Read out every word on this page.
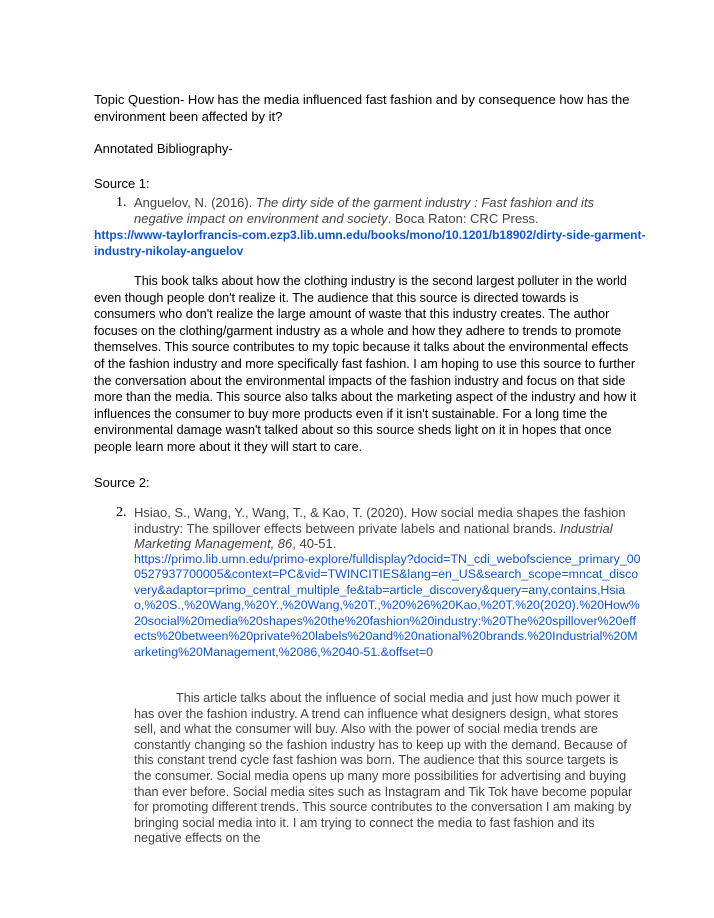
Topic Question- How has the media influenced fast fashion and by consequence how has the environment been affected by it?
Annotated Bibliography-
Source 1:
1. Anguelov, N. (2016). The dirty side of the garment industry : Fast fashion and its negative impact on environment and society. Boca Raton: CRC Press.
https://www-taylorfrancis-com.ezp3.lib.umn.edu/books/mono/10.1201/b18902/dirty-side-garment-industry-nikolay-anguelov
This book talks about how the clothing industry is the second largest polluter in the world even though people don't realize it. The audience that this source is directed towards is consumers who don't realize the large amount of waste that this industry creates. The author focuses on the clothing/garment industry as a whole and how they adhere to trends to promote themselves. This source contributes to my topic because it talks about the environmental effects of the fashion industry and more specifically fast fashion. I am hoping to use this source to further the conversation about the environmental impacts of the fashion industry and focus on that side more than the media. This source also talks about the marketing aspect of the industry and how it influences the consumer to buy more products even if it isn't sustainable. For a long time the environmental damage wasn't talked about so this source sheds light on it in hopes that once people learn more about it they will start to care.
Source 2:
2. Hsiao, S., Wang, Y., Wang, T., & Kao, T. (2020). How social media shapes the fashion industry: The spillover effects between private labels and national brands. Industrial Marketing Management, 86, 40-51.
https://primo.lib.umn.edu/primo-explore/fulldisplay?docid=TN_cdi_webofscience_primary_000527937700005&context=PC&vid=TWINCITIES&lang=en_US&search_scope=mncat_discovery&adaptor=primo_central_multiple_fe&tab=article_discovery&query=any,contains,Hsiao,%20S.,%20Wang,%20Y.,%20Wang,%20T.,%20%26%20Kao,%20T.%20(2020).%20How%20social%20media%20shapes%20the%20fashion%20industry:%20The%20spillover%20effects%20between%20private%20labels%20and%20national%20brands.%20Industrial%20Marketing%20Management,%2086,%2040-51.&offset=0
This article talks about the influence of social media and just how much power it has over the fashion industry. A trend can influence what designers design, what stores sell, and what the consumer will buy. Also with the power of social media trends are constantly changing so the fashion industry has to keep up with the demand. Because of this constant trend cycle fast fashion was born. The audience that this source targets is the consumer. Social media opens up many more possibilities for advertising and buying than ever before. Social media sites such as Instagram and Tik Tok have become popular for promoting different trends. This source contributes to the conversation I am making by bringing social media into it. I am trying to connect the media to fast fashion and its negative effects on the
